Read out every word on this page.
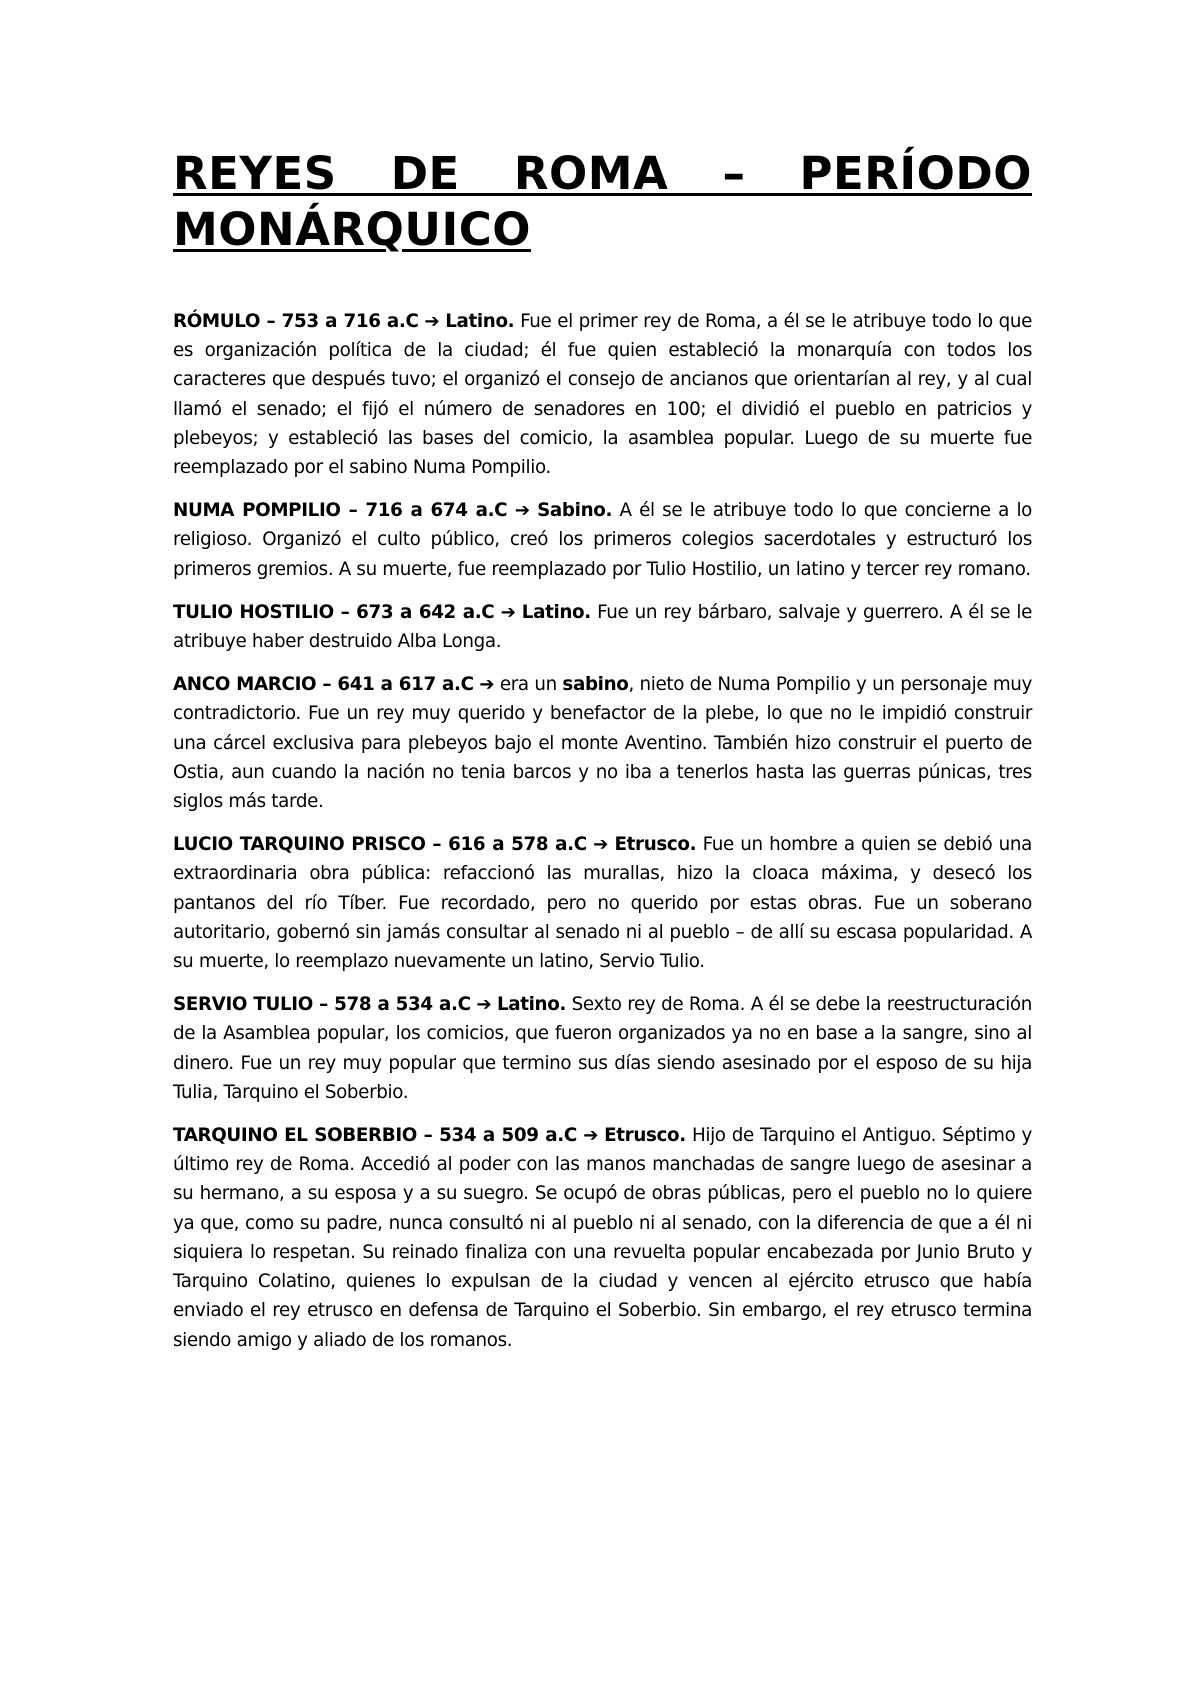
REYES DE ROMA – PERÍODO
MONÁRQUICO

RÓMULO – 753 a 716 a.C ➔ Latino. Fue el primer rey de Roma, a él se le atribuye todo lo que es organización política de la ciudad; él fue quien estableció la monarquía con todos los caracteres que después tuvo; el organizó el consejo de ancianos que orientarían al rey, y al cual llamó el senado; el fijó el número de senadores en 100; el dividió el pueblo en patricios y plebeyos; y estableció las bases del comicio, la asamblea popular. Luego de su muerte fue reemplazado por el sabino Numa Pompilio.

NUMA POMPILIO – 716 a 674 a.C ➔ Sabino. A él se le atribuye todo lo que concierne a lo religioso. Organizó el culto público, creó los primeros colegios sacerdotales y estructuró los primeros gremios. A su muerte, fue reemplazado por Tulio Hostilio, un latino y tercer rey romano.

TULIO HOSTILIO – 673 a 642 a.C ➔ Latino. Fue un rey bárbaro, salvaje y guerrero. A él se le atribuye haber destruido Alba Longa.

ANCO MARCIO – 641 a 617 a.C ➔ era un sabino, nieto de Numa Pompilio y un personaje muy contradictorio. Fue un rey muy querido y benefactor de la plebe, lo que no le impidió construir una cárcel exclusiva para plebeyos bajo el monte Aventino. También hizo construir el puerto de Ostia, aun cuando la nación no tenia barcos y no iba a tenerlos hasta las guerras púnicas, tres siglos más tarde.

LUCIO TARQUINO PRISCO – 616 a 578 a.C ➔ Etrusco. Fue un hombre a quien se debió una extraordinaria obra pública: refaccionó las murallas, hizo la cloaca máxima, y desecó los pantanos del río Tíber. Fue recordado, pero no querido por estas obras. Fue un soberano autoritario, gobernó sin jamás consultar al senado ni al pueblo – de allí su escasa popularidad. A su muerte, lo reemplazo nuevamente un latino, Servio Tulio.

SERVIO TULIO – 578 a 534 a.C ➔ Latino. Sexto rey de Roma. A él se debe la reestructuración de la Asamblea popular, los comicios, que fueron organizados ya no en base a la sangre, sino al dinero. Fue un rey muy popular que termino sus días siendo asesinado por el esposo de su hija Tulia, Tarquino el Soberbio.

TARQUINO EL SOBERBIO – 534 a 509 a.C ➔ Etrusco. Hijo de Tarquino el Antiguo. Séptimo y último rey de Roma. Accedió al poder con las manos manchadas de sangre luego de asesinar a su hermano, a su esposa y a su suegro. Se ocupó de obras públicas, pero el pueblo no lo quiere ya que, como su padre, nunca consultó ni al pueblo ni al senado, con la diferencia de que a él ni siquiera lo respetan. Su reinado finaliza con una revuelta popular encabezada por Junio Bruto y Tarquino Colatino, quienes lo expulsan de la ciudad y vencen al ejército etrusco que había enviado el rey etrusco en defensa de Tarquino el Soberbio. Sin embargo, el rey etrusco termina siendo amigo y aliado de los romanos.
